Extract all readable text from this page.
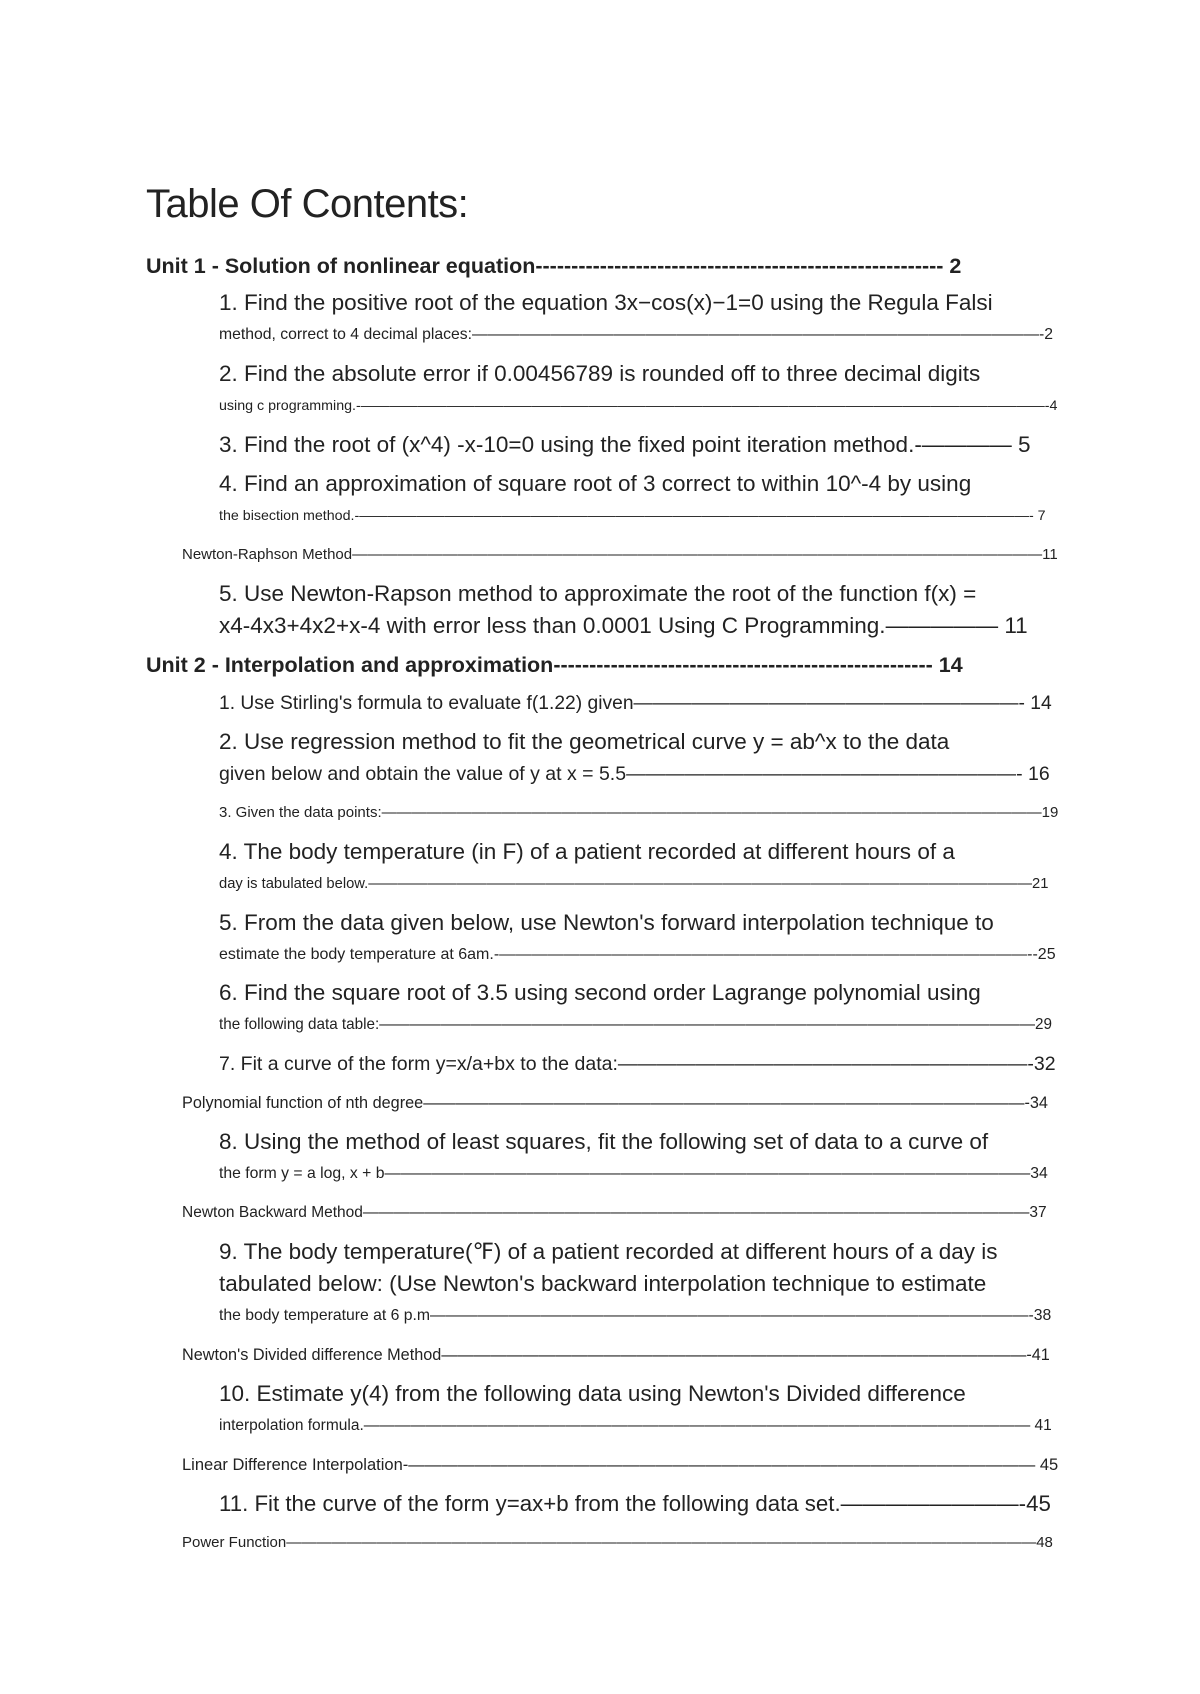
Table Of Contents:
Unit 1 - Solution of nonlinear equation--------------------------------------------------------- 2
1. Find the positive root of the equation 3x−cos(x)−1=0 using the Regula Falsi
method, correct to 4 decimal places:————————————————————————————————————-2
2. Find the absolute error if 0.00456789 is rounded off to three decimal digits
using c programming.-————————————————————————————————————————————————-4
3. Find the root of (x^4) -x-10=0 using the fixed point iteration method.-———— 5
4. Find an approximation of square root of 3 correct to within 10^-4 by using
the bisection method.-———————————————————————————————————————————————- 7
Newton-Raphson Method——————————————————————————————————————————————11
5. Use Newton-Rapson method to approximate the root of the function f(x) =
x4-4x3+4x2+x-4 with error less than 0.0001 Using C Programming.————— 11
Unit 2 - Interpolation and approximation----------------------------------------------------- 14
1. Use Stirling's formula to evaluate f(1.22) given————————————————————- 14
2. Use regression method to fit the geometrical curve y = ab^x to the data
given below and obtain the value of y at x = 5.5————————————————————- 16
3. Given the data points:————————————————————————————————————————————19
4. The body temperature (in F) of a patient recorded at different hours of a
day is tabulated below.—————————————————————————————————————————————21
5. From the data given below, use Newton's forward interpolation technique to
estimate the body temperature at 6am.-—————————————————————————————————--25
6. Find the square root of 3.5 using second order Lagrange polynomial using
the following data table:———————————————————————————————————————————29
7. Fit a curve of the form y=x/a+bx to the data:—————————————————————-32
Polynomial function of nth degree—————————————————————————————————————-34
8. Using the method of least squares, fit the following set of data to a curve of
the form y = a log, x + b—————————————————————————————————————————34
Newton Backward Method———————————————————————————————————————————37
9. The body temperature(℉) of a patient recorded at different hours of a day is
tabulated below: (Use Newton's backward interpolation technique to estimate
the body temperature at 6 p.m——————————————————————————————————————-38
Newton's Divided difference Method————————————————————————————————————-41
10. Estimate y(4) from the following data using Newton's Divided difference
interpolation formula.——————————————————————————————————————————— 41
Linear Difference Interpolation-—————————————————————————————————————— 45
11. Fit the curve of the form y=ax+b from the following data set.————————-45
Power Function——————————————————————————————————————————————————48
